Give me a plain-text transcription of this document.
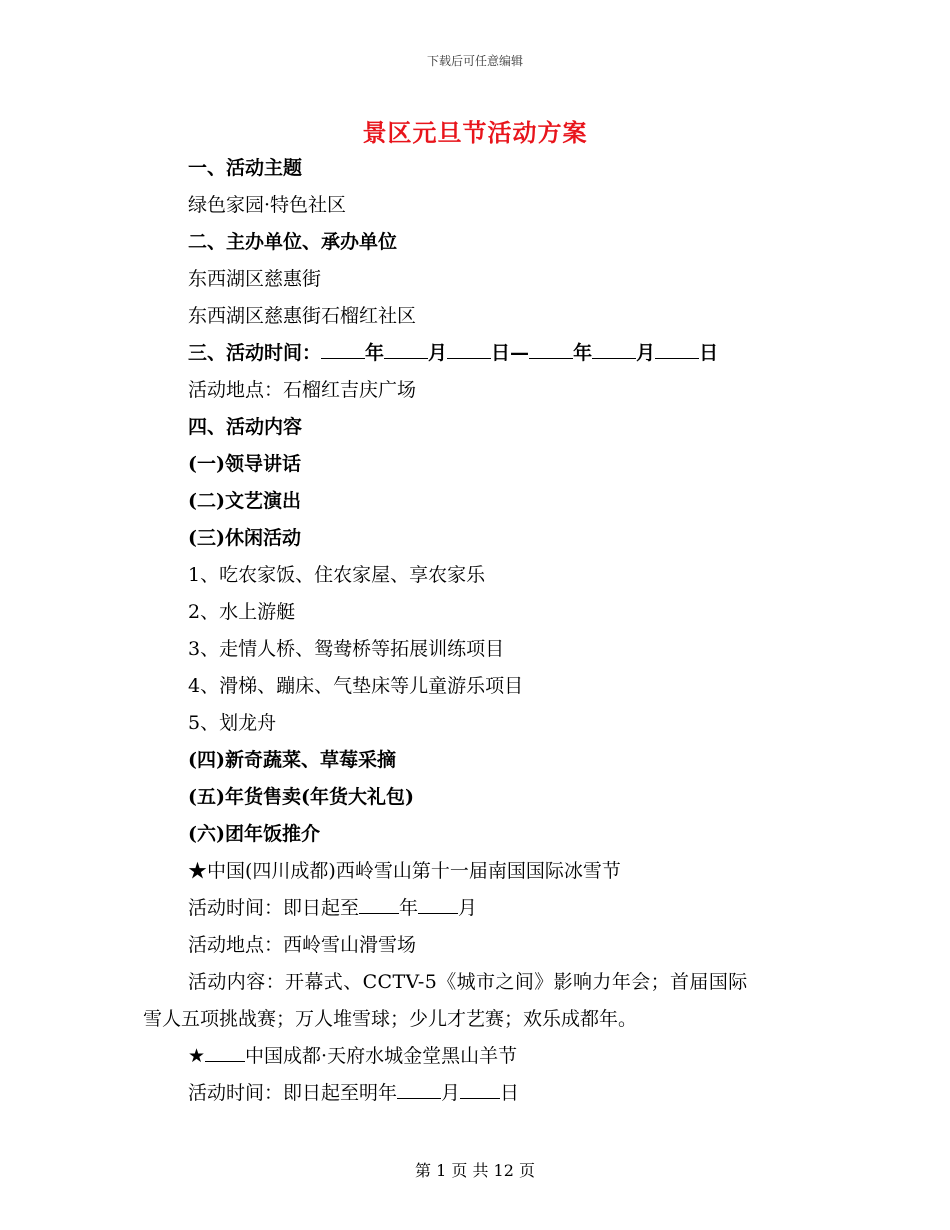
下载后可任意编辑
景区元旦节活动方案
一、活动主题
绿色家园·特色社区
二、主办单位、承办单位
东西湖区慈惠街
东西湖区慈惠街石榴红社区
三、活动时间： 年 月 日— 年 月 日
活动地点：石榴红吉庆广场
四、活动内容
(一)领导讲话
(二)文艺演出
(三)休闲活动
1、吃农家饭、住农家屋、享农家乐
2、水上游艇
3、走情人桥、鸳鸯桥等拓展训练项目
4、滑梯、蹦床、气垫床等儿童游乐项目
5、划龙舟
(四)新奇蔬菜、草莓采摘
(五)年货售卖(年货大礼包)
(六)团年饭推介
★中国(四川成都)西岭雪山第十一届南国国际冰雪节
活动时间：即日起至 年 月
活动地点：西岭雪山滑雪场
活动内容：开幕式、CCTV-5《城市之间》影响力年会；首届国际
雪人五项挑战赛；万人堆雪球；少儿才艺赛；欢乐成都年。
★ 中国成都·天府水城金堂黑山羊节
活动时间：即日起至明年 月 日
第 1 页 共 12 页
